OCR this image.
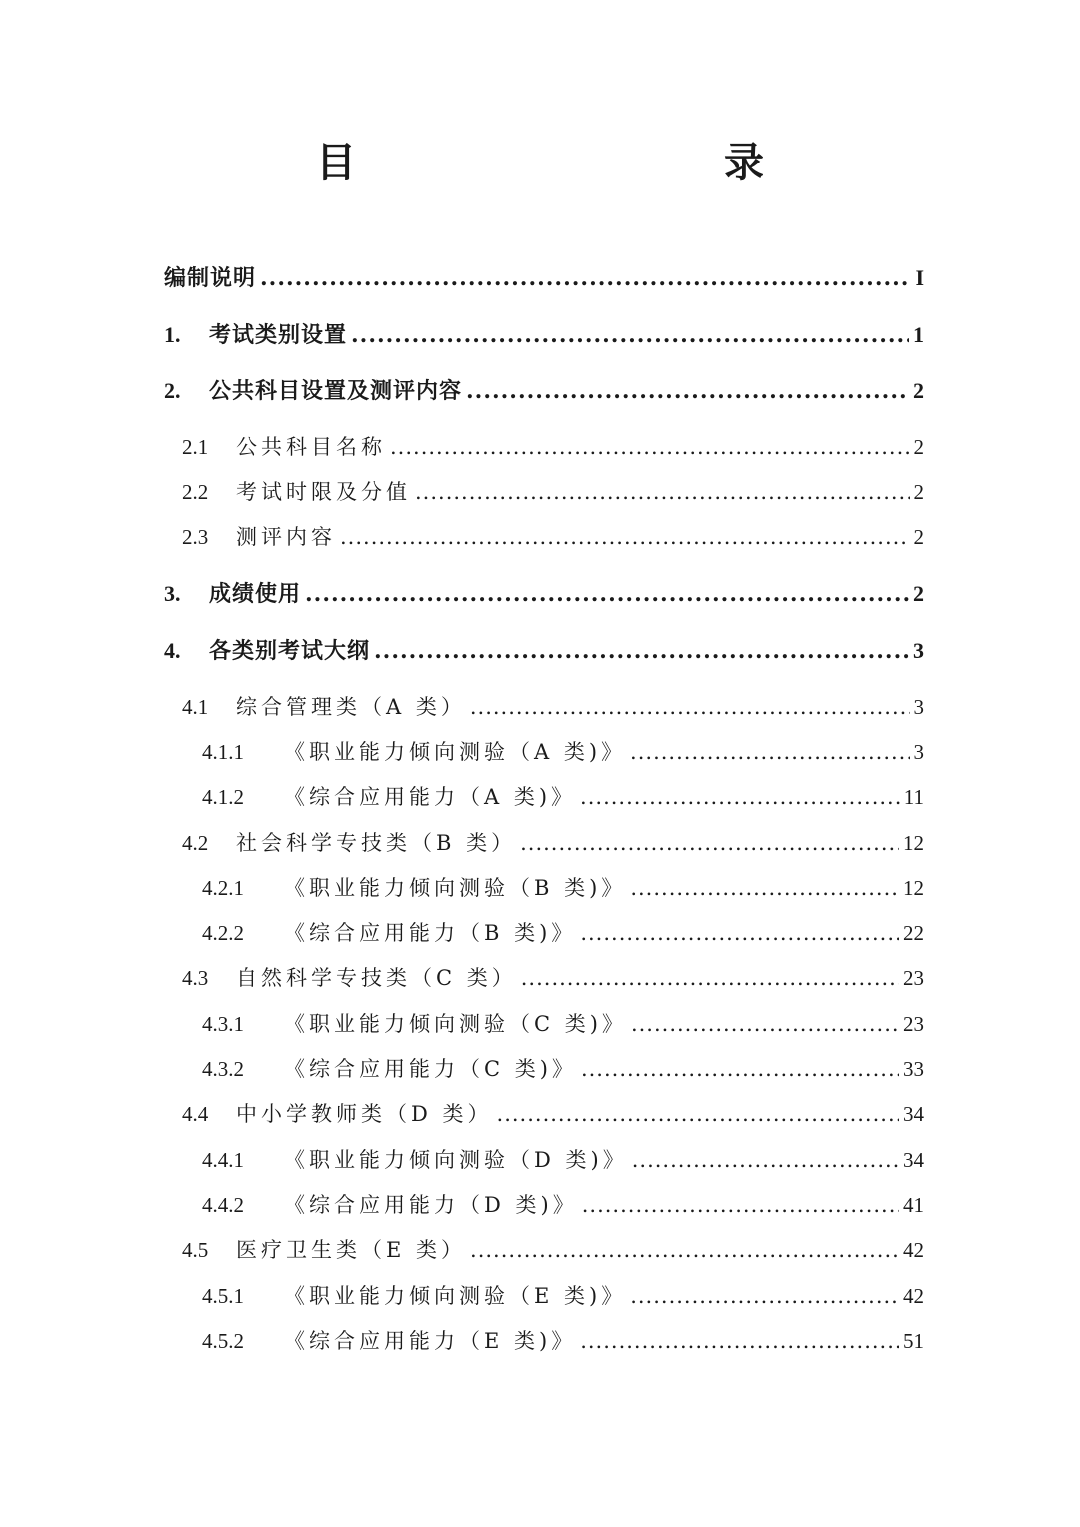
目　　录
编制说明 .....	I
1.	考试类别设置 .....	1
2.	公共科目设置及测评内容 .....	2
2.1	公共科目名称 .....	2
2.2	考试时限及分值 .....	2
2.3	测评内容 .....	2
3.	成绩使用 .....	2
4.	各类别考试大纲 .....	3
4.1	综合管理类（A 类） .....	3
4.1.1	《职业能力倾向测验（A 类)》 .....	3
4.1.2	《综合应用能力（A 类)》 .....	11
4.2	社会科学专技类（B 类） .....	12
4.2.1	《职业能力倾向测验（B 类)》 .....	12
4.2.2	《综合应用能力（B 类)》 .....	22
4.3	自然科学专技类（C 类） .....	23
4.3.1	《职业能力倾向测验（C 类)》 .....	23
4.3.2	《综合应用能力（C 类)》 .....	33
4.4	中小学教师类（D 类） .....	34
4.4.1	《职业能力倾向测验（D 类)》 .....	34
4.4.2	《综合应用能力（D 类)》 .....	41
4.5	医疗卫生类（E 类） .....	42
4.5.1	《职业能力倾向测验（E 类)》 .....	42
4.5.2	《综合应用能力（E 类)》 .....	51
